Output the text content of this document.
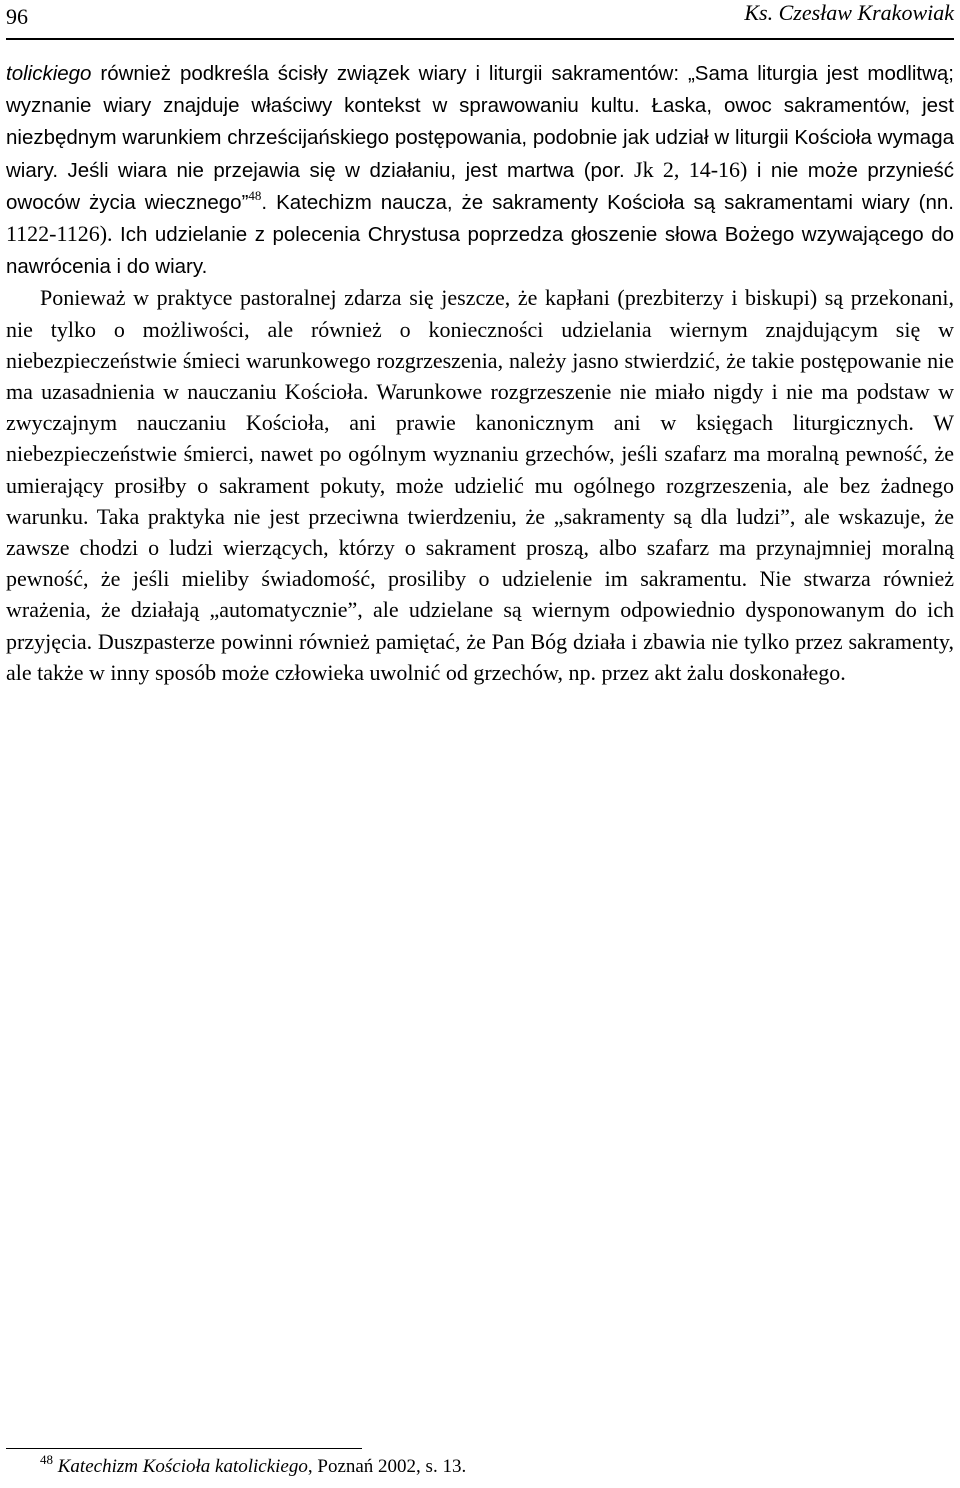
96	Ks. Czesław Krakowiak

tolickiego również podkreśla ścisły związek wiary i liturgii sakramentów: „Sama liturgia jest modlitwą; wyznanie wiary znajduje właściwy kontekst w sprawowaniu kultu. Łaska, owoc sakramentów, jest niezbędnym warunkiem chrześcijańskiego postępowania, podobnie jak udział w liturgii Kościoła wymaga wiary. Jeśli wiara nie przejawia się w działaniu, jest martwa (por. Jk 2, 14-16) i nie może przynieść owoców życia wiecznego”$^{48}$. Katechizm naucza, że sakramenty Kościoła są sakramentami wiary (nn. 1122-1126). Ich udzielanie z polecenia Chrystusa poprzedza głoszenie słowa Bożego wzywającego do nawrócenia i do wiary.

Ponieważ w praktyce pastoralnej zdarza się jeszcze, że kapłani (prezbiterzy i biskupi) są przekonani, nie tylko o możliwości, ale również o konieczności udzielania wiernym znajdującym się w niebezpieczeństwie śmieci warunkowego rozgrzeszenia, należy jasno stwierdzić, że takie postępowanie nie ma uzasadnienia w nauczaniu Kościoła. Warunkowe rozgrzeszenie nie miało nigdy i nie ma podstaw w zwyczajnym nauczaniu Kościoła, ani prawie kanonicznym ani w księgach liturgicznych. W niebezpieczeństwie śmierci, nawet po ogólnym wyznaniu grzechów, jeśli szafarz ma moralną pewność, że umierający prosiłby o sakrament pokuty, może udzielić mu ogólnego rozgrzeszenia, ale bez żadnego warunku. Taka praktyka nie jest przeciwna twierdzeniu, że „sakramenty są dla ludzi”, ale wskazuje, że zawsze chodzi o ludzi wierzących, którzy o sakrament proszą, albo szafarz ma przynajmniej moralną pewność, że jeśli mieliby świadomość, prosiliby o udzielenie im sakramentu. Nie stwarza również wrażenia, że działają „automatycznie”, ale udzielane są wiernym odpowiednio dysponowanym do ich przyjęcia. Duszpasterze powinni również pamiętać, że Pan Bóg działa i zbawia nie tylko przez sakramenty, ale także w inny sposób może człowieka uwolnić od grzechów, np. przez akt żalu doskonałego.

$^{48}$ Katechizm Kościoła katolickiego, Poznań 2002, s. 13.
